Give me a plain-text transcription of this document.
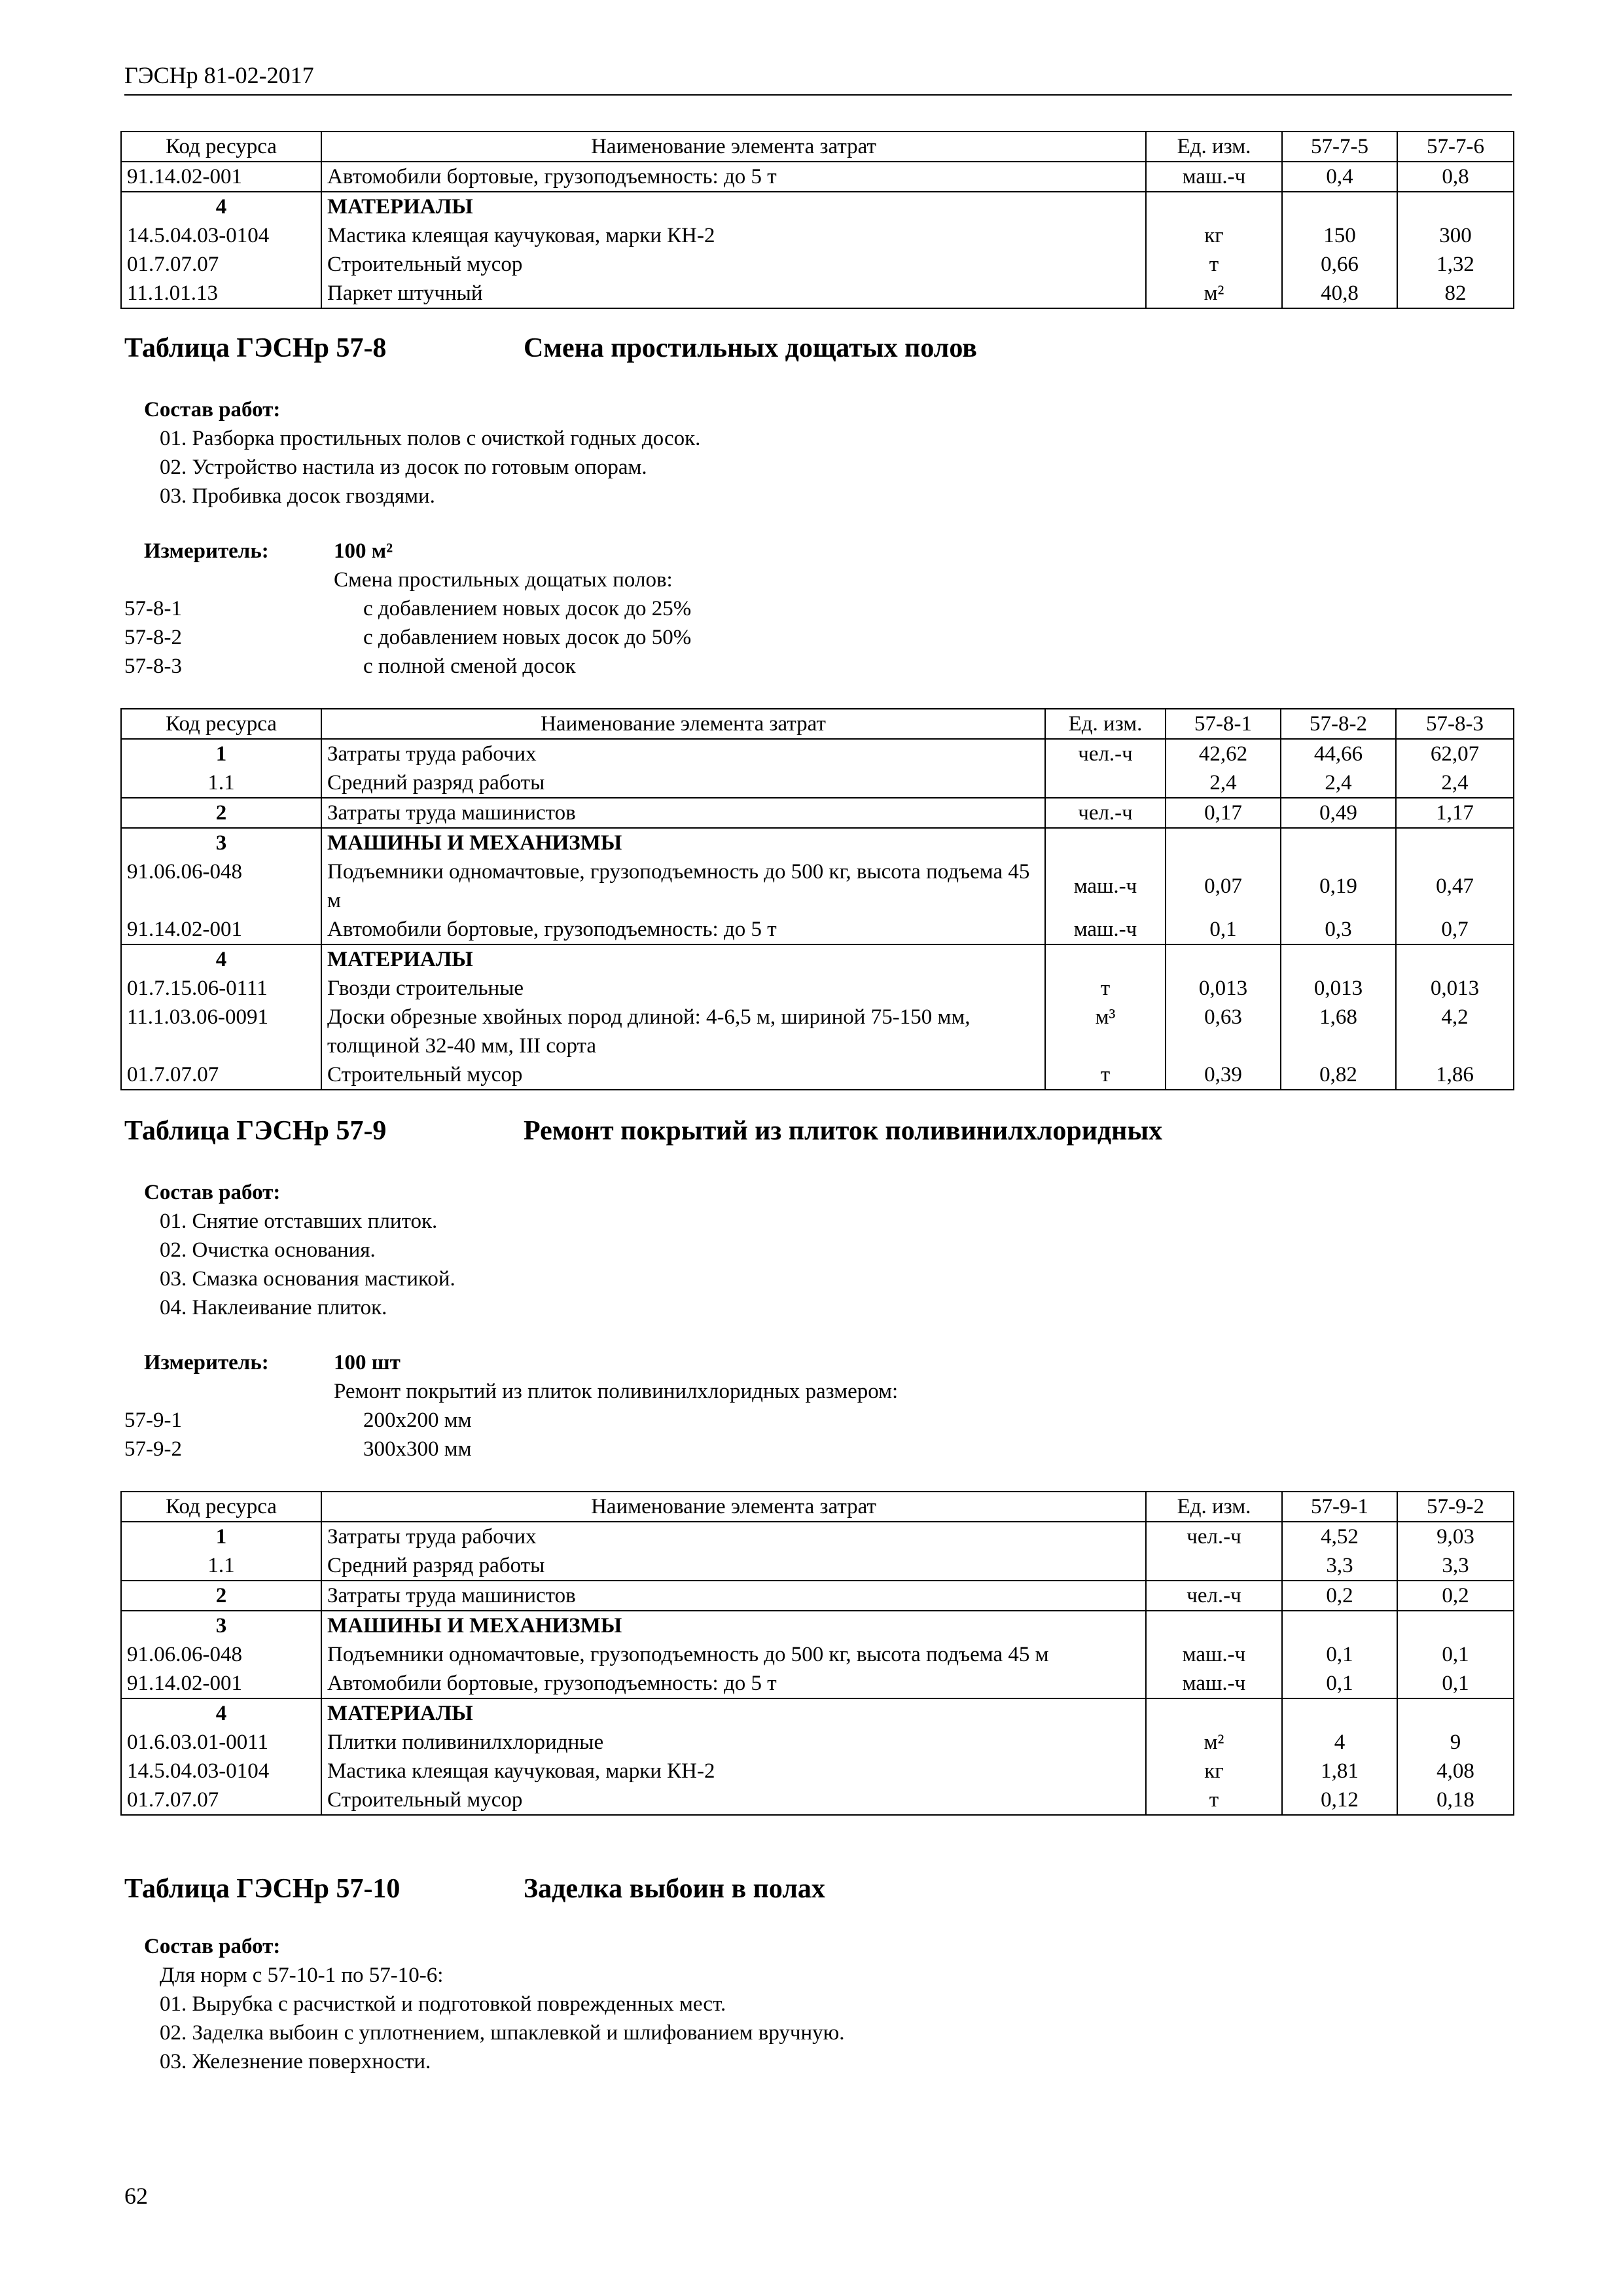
ГЭСНр 81-02-2017
Код ресурса	Наименование элемента затрат	Ед. изм.	57-7-5	57-7-6
91.14.02-001	Автомобили бортовые, грузоподъемность: до 5 т	маш.-ч	0,4	0,8
4	МАТЕРИАЛЫ			
14.5.04.03-0104	Мастика клеящая каучуковая, марки КН-2	кг	150	300
01.7.07.07	Строительный мусор	т	0,66	1,32
11.1.01.13	Паркет штучный	м²	40,8	82
Таблица ГЭСНр 57-8	Смена простильных дощатых полов
Состав работ:
01. Разборка простильных полов с очисткой годных досок.
02. Устройство настила из досок по готовым опорам.
03. Пробивка досок гвоздями.
Измеритель:	100 м²
Смена простильных дощатых полов:
57-8-1	с добавлением новых досок до 25%
57-8-2	с добавлением новых досок до 50%
57-8-3	с полной сменой досок
Код ресурса	Наименование элемента затрат	Ед. изм.	57-8-1	57-8-2	57-8-3
1	Затраты труда рабочих	чел.-ч	42,62	44,66	62,07
1.1	Средний разряд работы		2,4	2,4	2,4
2	Затраты труда машинистов	чел.-ч	0,17	0,49	1,17
3	МАШИНЫ И МЕХАНИЗМЫ				
91.06.06-048	Подъемники одномачтовые, грузоподъемность до 500 кг, высота подъема 45 м	маш.-ч	0,07	0,19	0,47
91.14.02-001	Автомобили бортовые, грузоподъемность: до 5 т	маш.-ч	0,1	0,3	0,7
4	МАТЕРИАЛЫ				
01.7.15.06-0111	Гвозди строительные	т	0,013	0,013	0,013
11.1.03.06-0091	Доски обрезные хвойных пород длиной: 4-6,5 м, шириной 75-150 мм, толщиной 32-40 мм, III сорта	м³	0,63	1,68	4,2
01.7.07.07	Строительный мусор	т	0,39	0,82	1,86
Таблица ГЭСНр 57-9	Ремонт покрытий из плиток поливинилхлоридных
Состав работ:
01. Снятие отставших плиток.
02. Очистка основания.
03. Смазка основания мастикой.
04. Наклеивание плиток.
Измеритель:	100 шт
Ремонт покрытий из плиток поливинилхлоридных размером:
57-9-1	200x200 мм
57-9-2	300x300 мм
Код ресурса	Наименование элемента затрат	Ед. изм.	57-9-1	57-9-2
1	Затраты труда рабочих	чел.-ч	4,52	9,03
1.1	Средний разряд работы		3,3	3,3
2	Затраты труда машинистов	чел.-ч	0,2	0,2
3	МАШИНЫ И МЕХАНИЗМЫ			
91.06.06-048	Подъемники одномачтовые, грузоподъемность до 500 кг, высота подъема 45 м	маш.-ч	0,1	0,1
91.14.02-001	Автомобили бортовые, грузоподъемность: до 5 т	маш.-ч	0,1	0,1
4	МАТЕРИАЛЫ			
01.6.03.01-0011	Плитки поливинилхлоридные	м²	4	9
14.5.04.03-0104	Мастика клеящая каучуковая, марки КН-2	кг	1,81	4,08
01.7.07.07	Строительный мусор	т	0,12	0,18
Таблица ГЭСНр 57-10	Заделка выбоин в полах
Состав работ:
Для норм с 57-10-1 по 57-10-6:
01. Вырубка с расчисткой и подготовкой поврежденных мест.
02. Заделка выбоин с уплотнением, шпаклевкой и шлифованием вручную.
03. Железнение поверхности.
62
